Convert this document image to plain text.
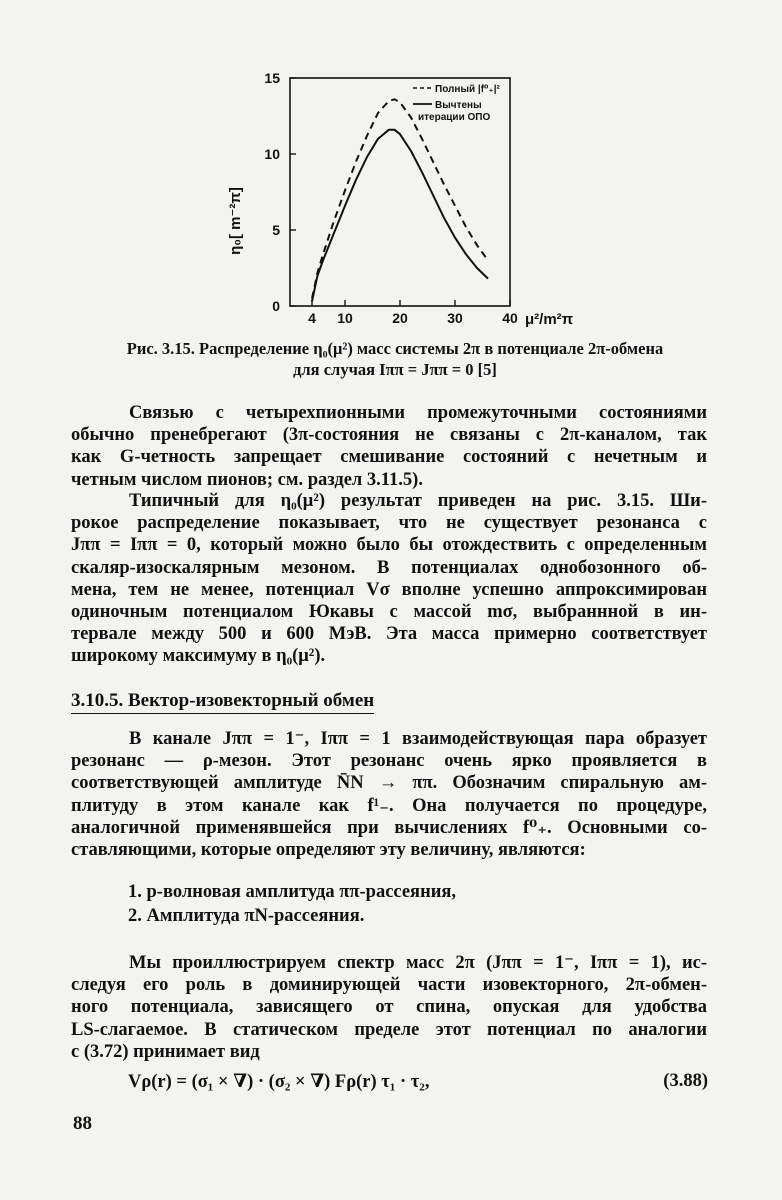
4 10	20	30	40
0
5
10
15
Полный |f⁰₊|²
Вычтены
итерации ОПО
η₀[ m⁻²π]
μ²/m²π
Рис. 3.15. Распределение η₀(μ²) масс системы 2π в потенциале 2π-обмена
для случая Iππ = Jππ = 0 [5]
Связью с четырехпионными промежуточными состояниями
обычно пренебрегают (3π-состояния не связаны с 2π-каналом, так
как G-четность запрещает смешивание состояний с нечетным и
четным числом пионов; см. раздел 3.11.5).
Типичный для η₀(μ²) результат приведен на рис. 3.15. Ши-
рокое распределение показывает, что не существует резонанса с
Jππ = Iππ = 0, который можно было бы отождествить с определенным
скаляр-изоскалярным мезоном. В потенциалах однобозонного об-
мена, тем не менее, потенциал Vσ вполне успешно аппроксимирован
одиночным потенциалом Юкавы с массой mσ, выбраннной в ин-
тервале между 500 и 600 МэВ. Эта масса примерно соответствует
широкому максимуму в η₀(μ²).
3.10.5. Вектор-изовекторный обмен
В канале Jππ = 1⁻, Iππ = 1 взаимодействующая пара образует
резонанс — ρ-мезон. Этот резонанс очень ярко проявляется в
соответствующей амплитуде N̄N → ππ. Обозначим спиральную ам-
плитуду в этом канале как f¹₋. Она получается по процедуре,
аналогичной применявшейся при вычислениях f⁰₊. Основными со-
ставляющими, которые определяют эту величину, являются:
1. p-волновая амплитуда ππ-рассеяния,
2. Амплитуда πN-рассеяния.
Мы проиллюстрируем спектр масс 2π (Jππ = 1⁻, Iππ = 1), ис-
следуя его роль в доминирующей части изовекторного, 2π-обмен-
ного потенциала, зависящего от спина, опуская для удобства
LS-слагаемое. В статическом пределе этот потенциал по аналогии
с (3.72) принимает вид
Vρ(r) = (σ₁ × ∇) · (σ₂ × ∇) Fρ(r) τ₁ · τ₂,	(3.88)
88
